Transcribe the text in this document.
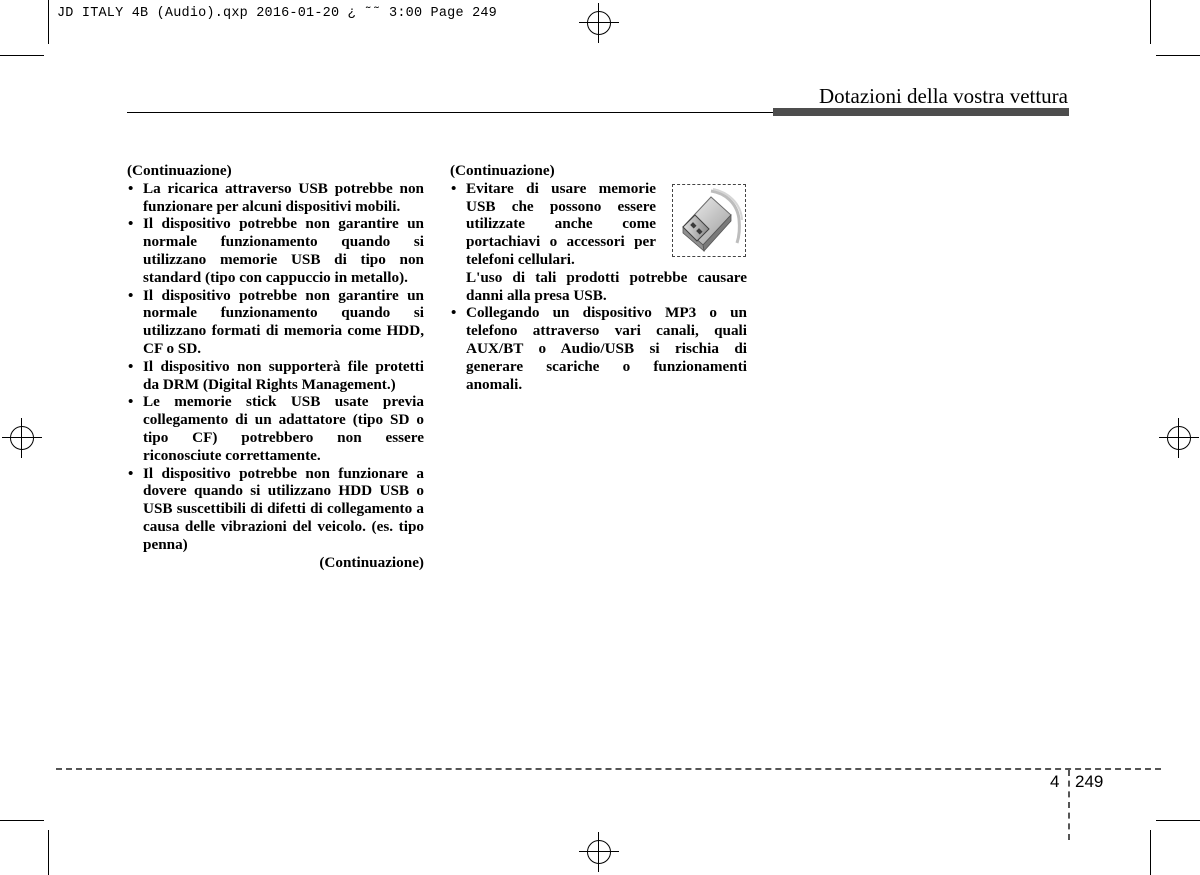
JD ITALY 4B (Audio).qxp 2016-01-20 ¿ ˜˜ 3:00 Page 249
Dotazioni della vostra vettura
(Continuazione)
• La ricarica attraverso USB potrebbe non funzionare per alcuni dispositivi mobili.
• Il dispositivo potrebbe non garantire un normale funzionamento quando si utilizzano memorie USB di tipo non standard (tipo con cappuccio in metallo).
• Il dispositivo potrebbe non garantire un normale funzionamento quando si utilizzano formati di memoria come HDD, CF o SD.
• Il dispositivo non supporterà file protetti da DRM (Digital Rights Management.)
• Le memorie stick USB usate previa collegamento di un adattatore (tipo SD o tipo CF) potrebbero non essere riconosciute correttamente.
• Il dispositivo potrebbe non funzionare a dovere quando si utilizzano HDD USB o USB suscettibili di difetti di collegamento a causa delle vibrazioni del veicolo. (es. tipo penna)
(Continuazione)
(Continuazione)
• Evitare di usare memorie USB che possono essere utilizzate anche come portachiavi o accessori per telefoni cellulari.
L'uso di tali prodotti potrebbe causare danni alla presa USB.
• Collegando un dispositivo MP3 o un telefono attraverso vari canali, quali AUX/BT o Audio/USB si rischia di generare scariche o funzionamenti anomali.
4 249
